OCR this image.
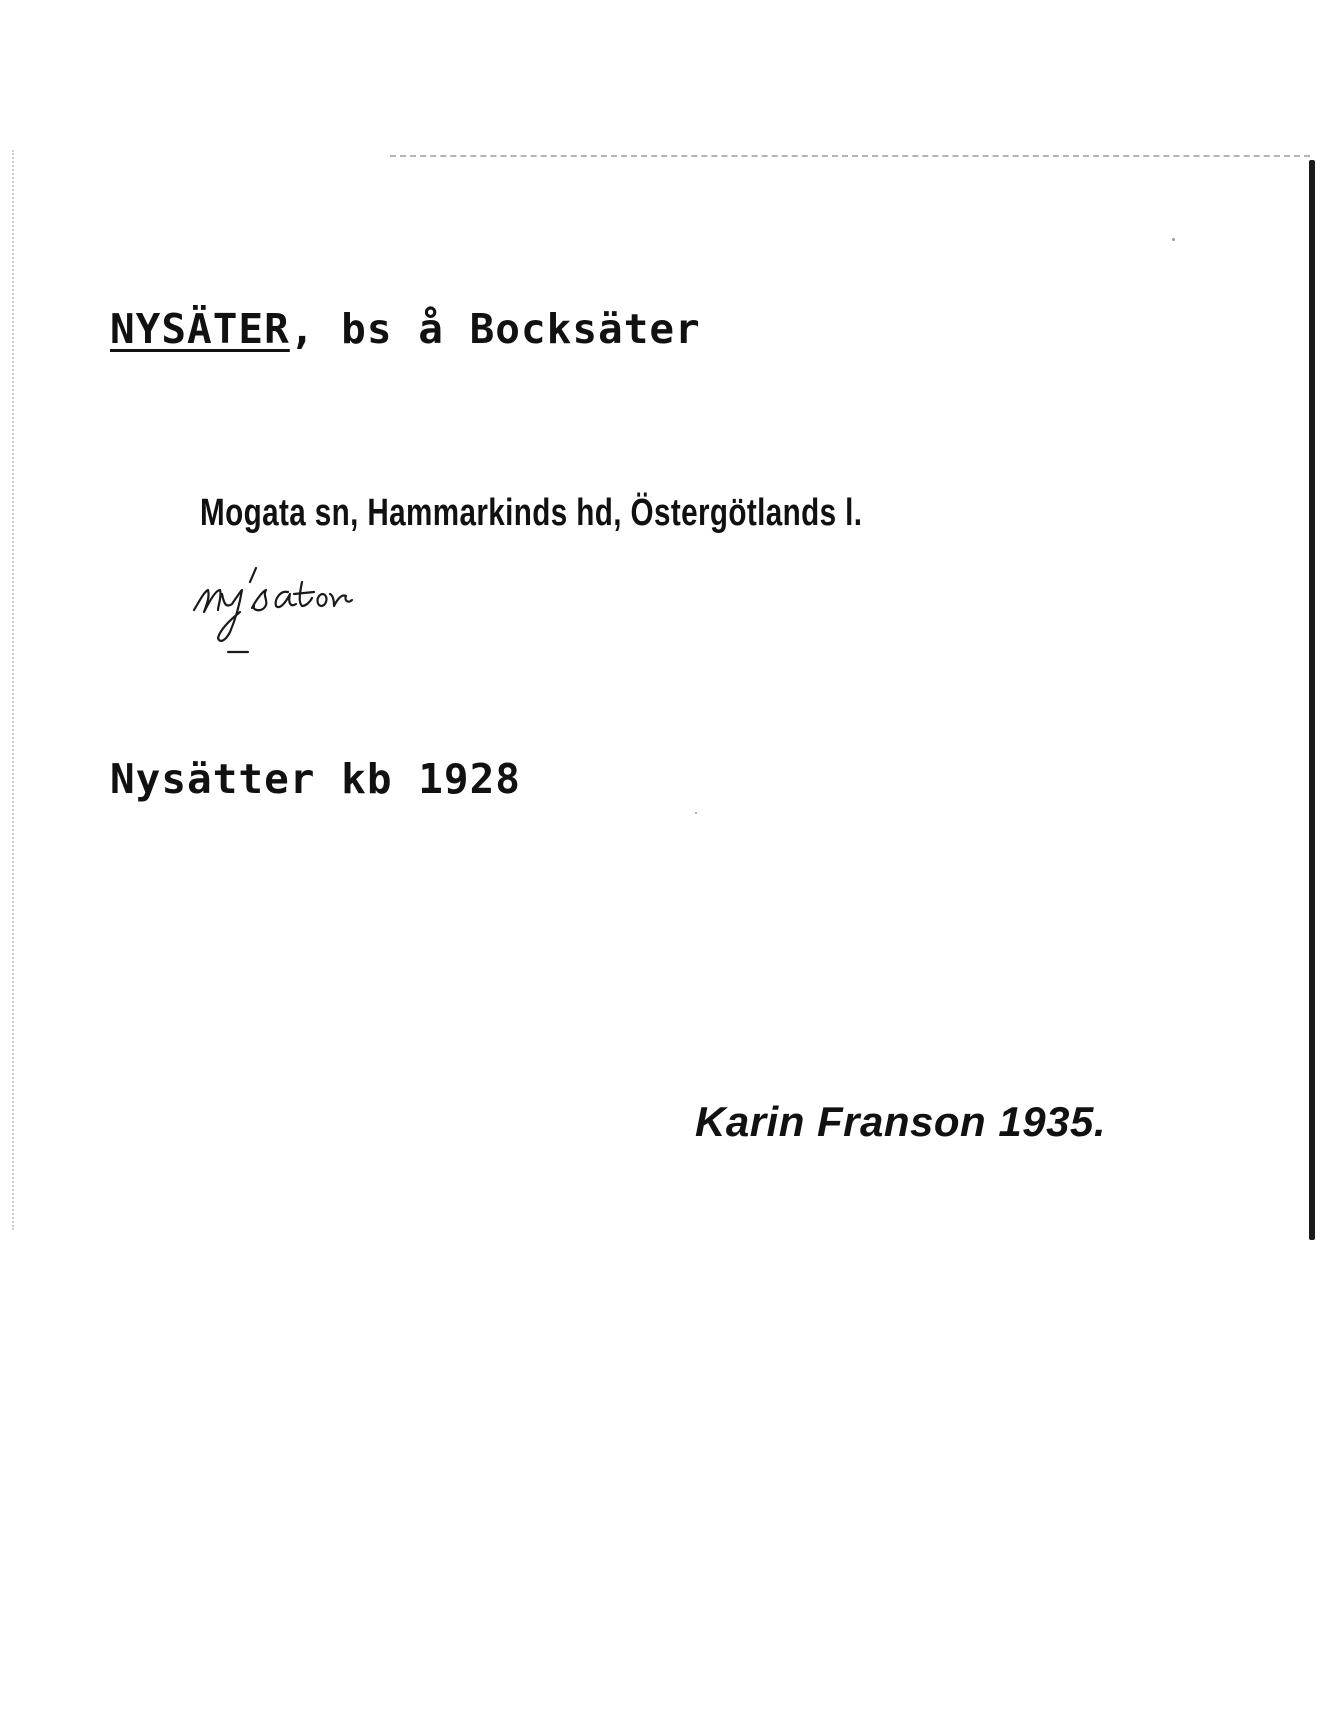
NYSÄTER, bs å Bocksäter
Mogata sn, Hammarkinds hd, Östergötlands l.
Nysätter kb 1928
Karin Franson 1935.
